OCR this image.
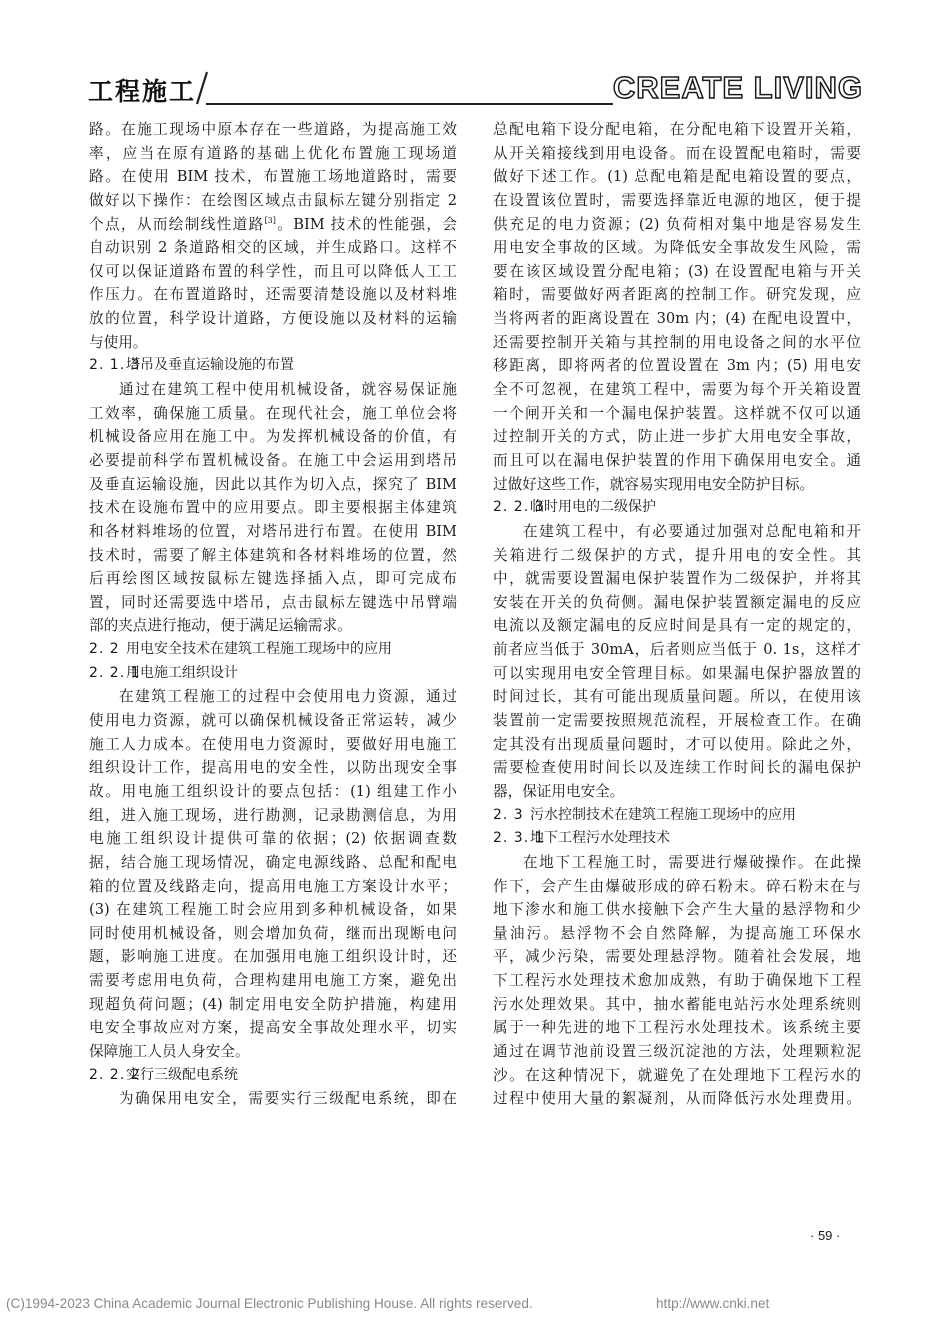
工程施工	CREATE LIVING
路。在施工现场中原本存在一些道路，为提高施工效
率，应当在原有道路的基础上优化布置施工现场道
路。在使用 BIM 技术，布置施工场地道路时，需要
做好以下操作：在绘图区域点击鼠标左键分别指定 2
个点，从而绘制线性道路[3]。BIM 技术的性能强，会
自动识别 2 条道路相交的区域，并生成路口。这样不
仅可以保证道路布置的科学性，而且可以降低人工工
作压力。在布置道路时，还需要清楚设施以及材料堆
放的位置，科学设计道路，方便设施以及材料的运输
与使用。
2. 1. 3塔吊及垂直运输设施的布置
通过在建筑工程中使用机械设备，就容易保证施
工效率，确保施工质量。在现代社会，施工单位会将
机械设备应用在施工中。为发挥机械设备的价值，有
必要提前科学布置机械设备。在施工中会运用到塔吊
及垂直运输设施，因此以其作为切入点，探究了 BIM
技术在设施布置中的应用要点。即主要根据主体建筑
和各材料堆场的位置，对塔吊进行布置。在使用 BIM
技术时，需要了解主体建筑和各材料堆场的位置，然
后再绘图区域按鼠标左键选择插入点，即可完成布
置，同时还需要选中塔吊，点击鼠标左键选中吊臂端
部的夹点进行拖动，便于满足运输需求。
2. 2 用电安全技术在建筑工程施工现场中的应用
2. 2. 1用电施工组织设计
在建筑工程施工的过程中会使用电力资源，通过
使用电力资源，就可以确保机械设备正常运转，减少
施工人力成本。在使用电力资源时，要做好用电施工
组织设计工作，提高用电的安全性，以防出现安全事
故。用电施工组织设计的要点包括：(1) 组建工作小
组，进入施工现场，进行勘测，记录勘测信息，为用
电施工组织设计提供可靠的依据；(2) 依据调查数
据，结合施工现场情况，确定电源线路、总配和配电
箱的位置及线路走向，提高用电施工方案设计水平；
(3) 在建筑工程施工时会应用到多种机械设备，如果
同时使用机械设备，则会增加负荷，继而出现断电问
题，影响施工进度。在加强用电施工组织设计时，还
需要考虑用电负荷，合理构建用电施工方案，避免出
现超负荷问题；(4) 制定用电安全防护措施，构建用
电安全事故应对方案，提高安全事故处理水平，切实
保障施工人员人身安全。
2. 2. 2实行三级配电系统
为确保用电安全，需要实行三级配电系统，即在
总配电箱下设分配电箱，在分配电箱下设置开关箱，
从开关箱接线到用电设备。而在设置配电箱时，需要
做好下述工作。(1) 总配电箱是配电箱设置的要点，
在设置该位置时，需要选择靠近电源的地区，便于提
供充足的电力资源；(2) 负荷相对集中地是容易发生
用电安全事故的区域。为降低安全事故发生风险，需
要在该区域设置分配电箱；(3) 在设置配电箱与开关
箱时，需要做好两者距离的控制工作。研究发现，应
当将两者的距离设置在 30m 内；(4) 在配电设置中，
还需要控制开关箱与其控制的用电设备之间的水平位
移距离，即将两者的位置设置在 3m 内；(5) 用电安
全不可忽视，在建筑工程中，需要为每个开关箱设置
一个闸开关和一个漏电保护装置。这样就不仅可以通
过控制开关的方式，防止进一步扩大用电安全事故，
而且可以在漏电保护装置的作用下确保用电安全。通
过做好这些工作，就容易实现用电安全防护目标。
2. 2. 3临时用电的二级保护
在建筑工程中，有必要通过加强对总配电箱和开
关箱进行二级保护的方式，提升用电的安全性。其
中，就需要设置漏电保护装置作为二级保护，并将其
安装在开关的负荷侧。漏电保护装置额定漏电的反应
电流以及额定漏电的反应时间是具有一定的规定的，
前者应当低于 30mA，后者则应当低于 0. 1s，这样才
可以实现用电安全管理目标。如果漏电保护器放置的
时间过长，其有可能出现质量问题。所以，在使用该
装置前一定需要按照规范流程，开展检查工作。在确
定其没有出现质量问题时，才可以使用。除此之外，
需要检查使用时间长以及连续工作时间长的漏电保护
器，保证用电安全。
2. 3 污水控制技术在建筑工程施工现场中的应用
2. 3. 1地下工程污水处理技术
在地下工程施工时，需要进行爆破操作。在此操
作下，会产生由爆破形成的碎石粉末。碎石粉末在与
地下渗水和施工供水接触下会产生大量的悬浮物和少
量油污。悬浮物不会自然降解，为提高施工环保水
平，减少污染，需要处理悬浮物。随着社会发展，地
下工程污水处理技术愈加成熟，有助于确保地下工程
污水处理效果。其中，抽水蓄能电站污水处理系统则
属于一种先进的地下工程污水处理技术。该系统主要
通过在调节池前设置三级沉淀池的方法，处理颗粒泥
沙。在这种情况下，就避免了在处理地下工程污水的
过程中使用大量的絮凝剂，从而降低污水处理费用。
· 59 ·
(C)1994-2023 China Academic Journal Electronic Publishing House. All rights reserved.	http://www.cnki.net
